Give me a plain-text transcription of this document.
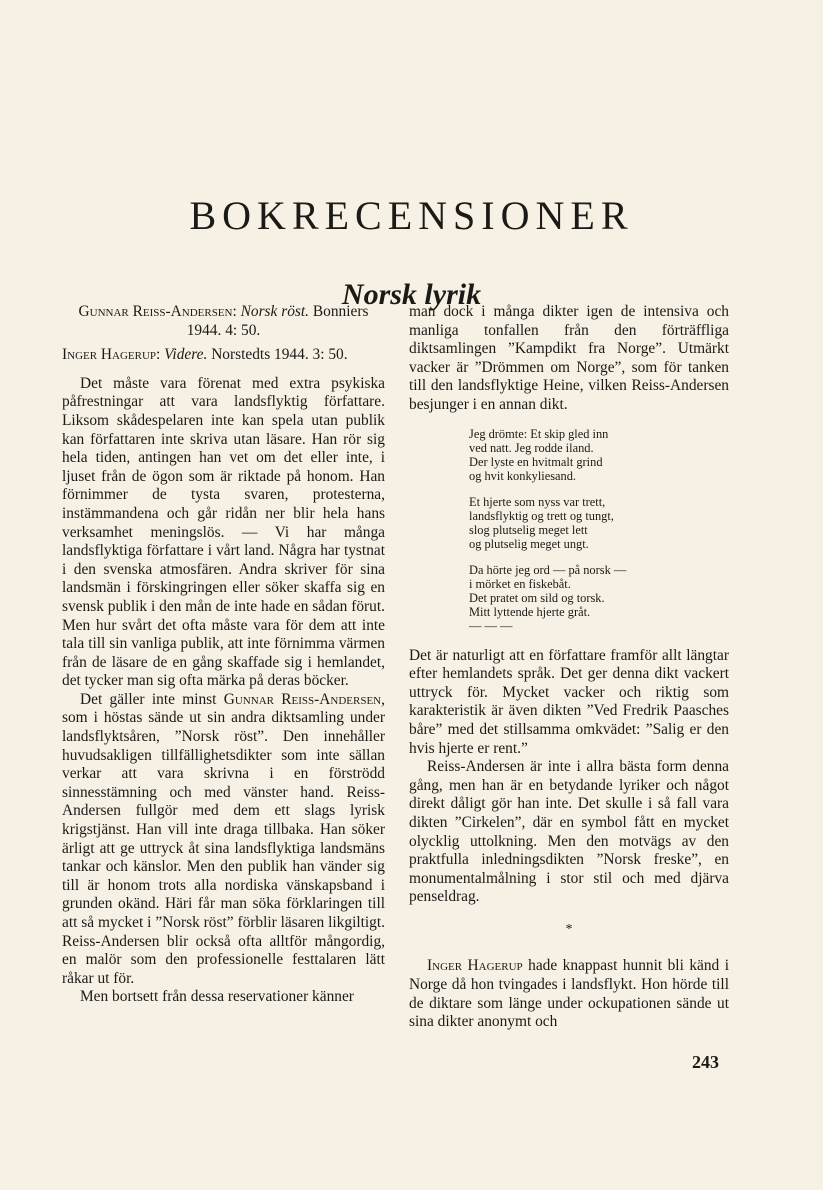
BOKRECENSIONER
Norsk lyrik

Gunnar Reiss-Andersen: Norsk röst. Bonniers
1944. 4: 50.

Inger Hagerup: Videre. Norstedts 1944. 3: 50.

Det måste vara förenat med extra psykiska påfrestningar att vara landsflyktig författare. Liksom skådespelaren inte kan spela utan publik kan författaren inte skriva utan läsare. Han rör sig hela tiden, antingen han vet om det eller inte, i ljuset från de ögon som är riktade på honom. Han förnimmer de tysta svaren, protesterna, instämmandena och går ridån ner blir hela hans verksamhet meningslös. — Vi har många landsflyktiga författare i vårt land. Några har tystnat i den svenska atmosfären. Andra skriver för sina landsmän i förskingringen eller söker skaffa sig en svensk publik i den mån de inte hade en sådan förut. Men hur svårt det ofta måste vara för dem att inte tala till sin vanliga publik, att inte förnimma värmen från de läsare de en gång skaffade sig i hemlandet, det tycker man sig ofta märka på deras böcker.

Det gäller inte minst Gunnar Reiss-Andersen, som i höstas sände ut sin andra diktsamling under landsflyktsåren, ”Norsk röst”. Den innehåller huvudsakligen tillfällighetsdikter som inte sällan verkar att vara skrivna i en förströdd sinnesstämning och med vänster hand. Reiss-Andersen fullgör med dem ett slags lyrisk krigstjänst. Han vill inte draga tillbaka. Han söker ärligt att ge uttryck åt sina landsflyktiga landsmäns tankar och känslor. Men den publik han vänder sig till är honom trots alla nordiska vänskapsband i grunden okänd. Häri får man söka förklaringen till att så mycket i ”Norsk röst” förblir läsaren likgiltigt. Reiss-Andersen blir också ofta alltför mångordig, en malör som den professionelle festtalaren lätt råkar ut för.

Men bortsett från dessa reservationer känner

man dock i många dikter igen de intensiva och manliga tonfallen från den förträffliga diktsamlingen ”Kampdikt fra Norge”. Utmärkt vacker är ”Drömmen om Norge”, som för tanken till den landsflyktige Heine, vilken Reiss-Andersen besjunger i en annan dikt.

Jeg drömte: Et skip gled inn
ved natt. Jeg rodde iland.
Der lyste en hvitmalt grind
og hvit konkyliesand.
Et hjerte som nyss var trett,
landsflyktig og trett og tungt,
slog plutselig meget lett
og plutselig meget ungt.
Da hörte jeg ord — på norsk —
i mörket en fiskebåt.
Det pratet om sild og torsk.
Mitt lyttende hjerte gråt.
— — —

Det är naturligt att en författare framför allt längtar efter hemlandets språk. Det ger denna dikt vackert uttryck för. Mycket vacker och riktig som karakteristik är även dikten ”Ved Fredrik Paasches båre” med det stillsamma omkvädet: ”Salig er den hvis hjerte er rent.”

Reiss-Andersen är inte i allra bästa form denna gång, men han är en betydande lyriker och något direkt dåligt gör han inte. Det skulle i så fall vara dikten ”Cirkelen”, där en symbol fått en mycket olycklig uttolkning. Men den motvägs av den praktfulla inledningsdikten ”Norsk freske”, en monumentalmålning i stor stil och med djärva penseldrag.

*

Inger Hagerup hade knappast hunnit bli känd i Norge då hon tvingades i landsflykt. Hon hörde till de diktare som länge under ockupationen sände ut sina dikter anonymt och

243
